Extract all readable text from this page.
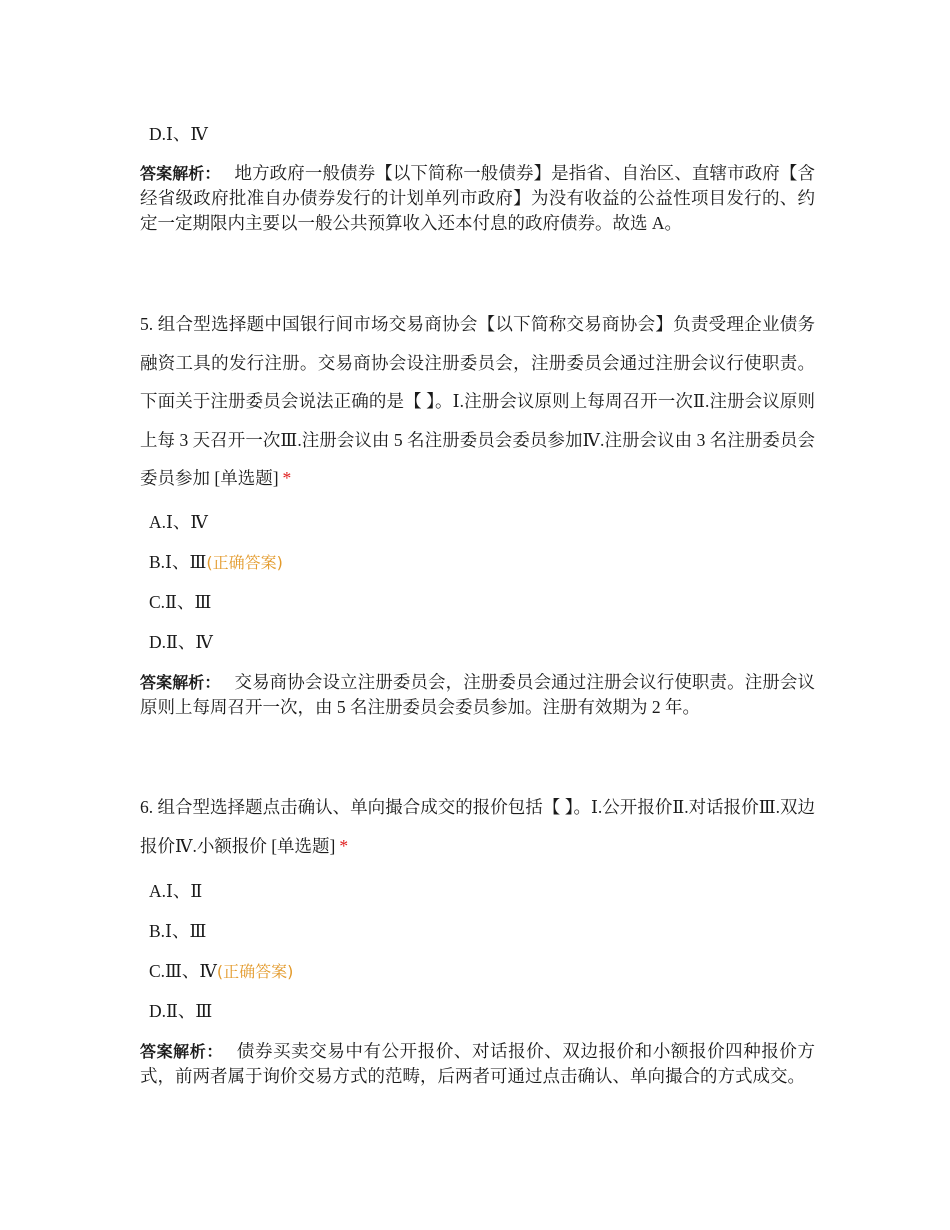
D.Ⅰ、Ⅳ
答案解析： 地方政府一般债券【以下简称一般债券】是指省、自治区、直辖市政府【含经省级政府批准自办债券发行的计划单列市政府】为没有收益的公益性项目发行的、约定一定期限内主要以一般公共预算收入还本付息的政府债券。故选 A。
5. 组合型选择题中国银行间市场交易商协会【以下简称交易商协会】负责受理企业债务融资工具的发行注册。交易商协会设注册委员会，注册委员会通过注册会议行使职责。下面关于注册委员会说法正确的是【 】。Ⅰ.注册会议原则上每周召开一次Ⅱ.注册会议原则上每 3 天召开一次Ⅲ.注册会议由 5 名注册委员会委员参加Ⅳ.注册会议由 3 名注册委员会委员参加 [单选题] *
A.Ⅰ、Ⅳ
B.Ⅰ、Ⅲ(正确答案)
C.Ⅱ、Ⅲ
D.Ⅱ、Ⅳ
答案解析： 交易商协会设立注册委员会，注册委员会通过注册会议行使职责。注册会议原则上每周召开一次，由 5 名注册委员会委员参加。注册有效期为 2 年。
6. 组合型选择题点击确认、单向撮合成交的报价包括【 】。Ⅰ.公开报价Ⅱ.对话报价Ⅲ.双边报价Ⅳ.小额报价 [单选题] *
A.Ⅰ、Ⅱ
B.Ⅰ、Ⅲ
C.Ⅲ、Ⅳ(正确答案)
D.Ⅱ、Ⅲ
答案解析： 债券买卖交易中有公开报价、对话报价、双边报价和小额报价四种报价方式，前两者属于询价交易方式的范畴，后两者可通过点击确认、单向撮合的方式成交。
